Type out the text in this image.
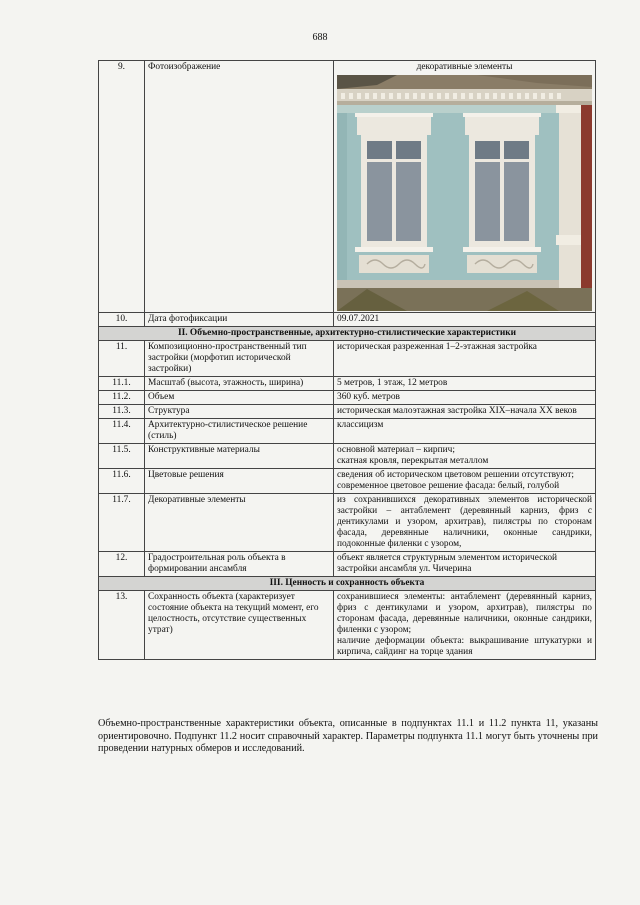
688
9.	Фотоизображение	декоративные элементы

10.	Дата фотофиксации	09.07.2021
II. Объемно-пространственные, архитектурно-стилистические характеристики		
11.	Композиционно-пространственный тип застройки (морфотип исторической застройки)	историческая разреженная 1–2-этажная застройка
11.1.	Масштаб (высота, этажность, ширина)	5 метров, 1 этаж, 12 метров
11.2.	Объем	360 куб. метров
11.3.	Структура	историческая малоэтажная застройка XIX–начала XX веков
11.4.	Архитектурно-стилистическое решение (стиль)	классицизм
11.5.	Конструктивные материалы	основной материал – кирпич;
скатная кровля, перекрытая металлом

11.6.	Цветовые решения	сведения об историческом цветовом решении отсутствуют;
современное цветовое решение фасада: белый, голубой

11.7.	Декоративные элементы	из сохранившихся декоративных элементов исторической застройки – антаблемент (деревянный карниз, фриз с дентикулами и узором, архитрав), пилястры по сторонам фасада, деревянные наличники, оконные сандрики, подоконные филенки с узором,
12.	Градостроительная роль объекта в формировании ансамбля	объект является структурным элементом исторической застройки ансамбля ул. Чичерина
III. Ценность и сохранность объекта		
13.	Сохранность объекта (характеризует состояние объекта на текущий момент, его целостность, отсутствие существенных утрат)	сохранившиеся элементы: антаблемент (деревянный карниз, фриз с дентикулами и узором, архитрав), пилястры по сторонам фасада, деревянные наличники, оконные сандрики, филенки с узором;
наличие деформации объекта: выкрашивание штукатурки и кирпича, сайдинг на торце здания
Объемно-пространственные характеристики объекта, описанные в подпунктах 11.1 и 11.2 пункта 11, указаны ориентировочно. Подпункт 11.2 носит справочный характер. Параметры подпункта 11.1 могут быть уточнены при проведении натурных обмеров и исследований.
